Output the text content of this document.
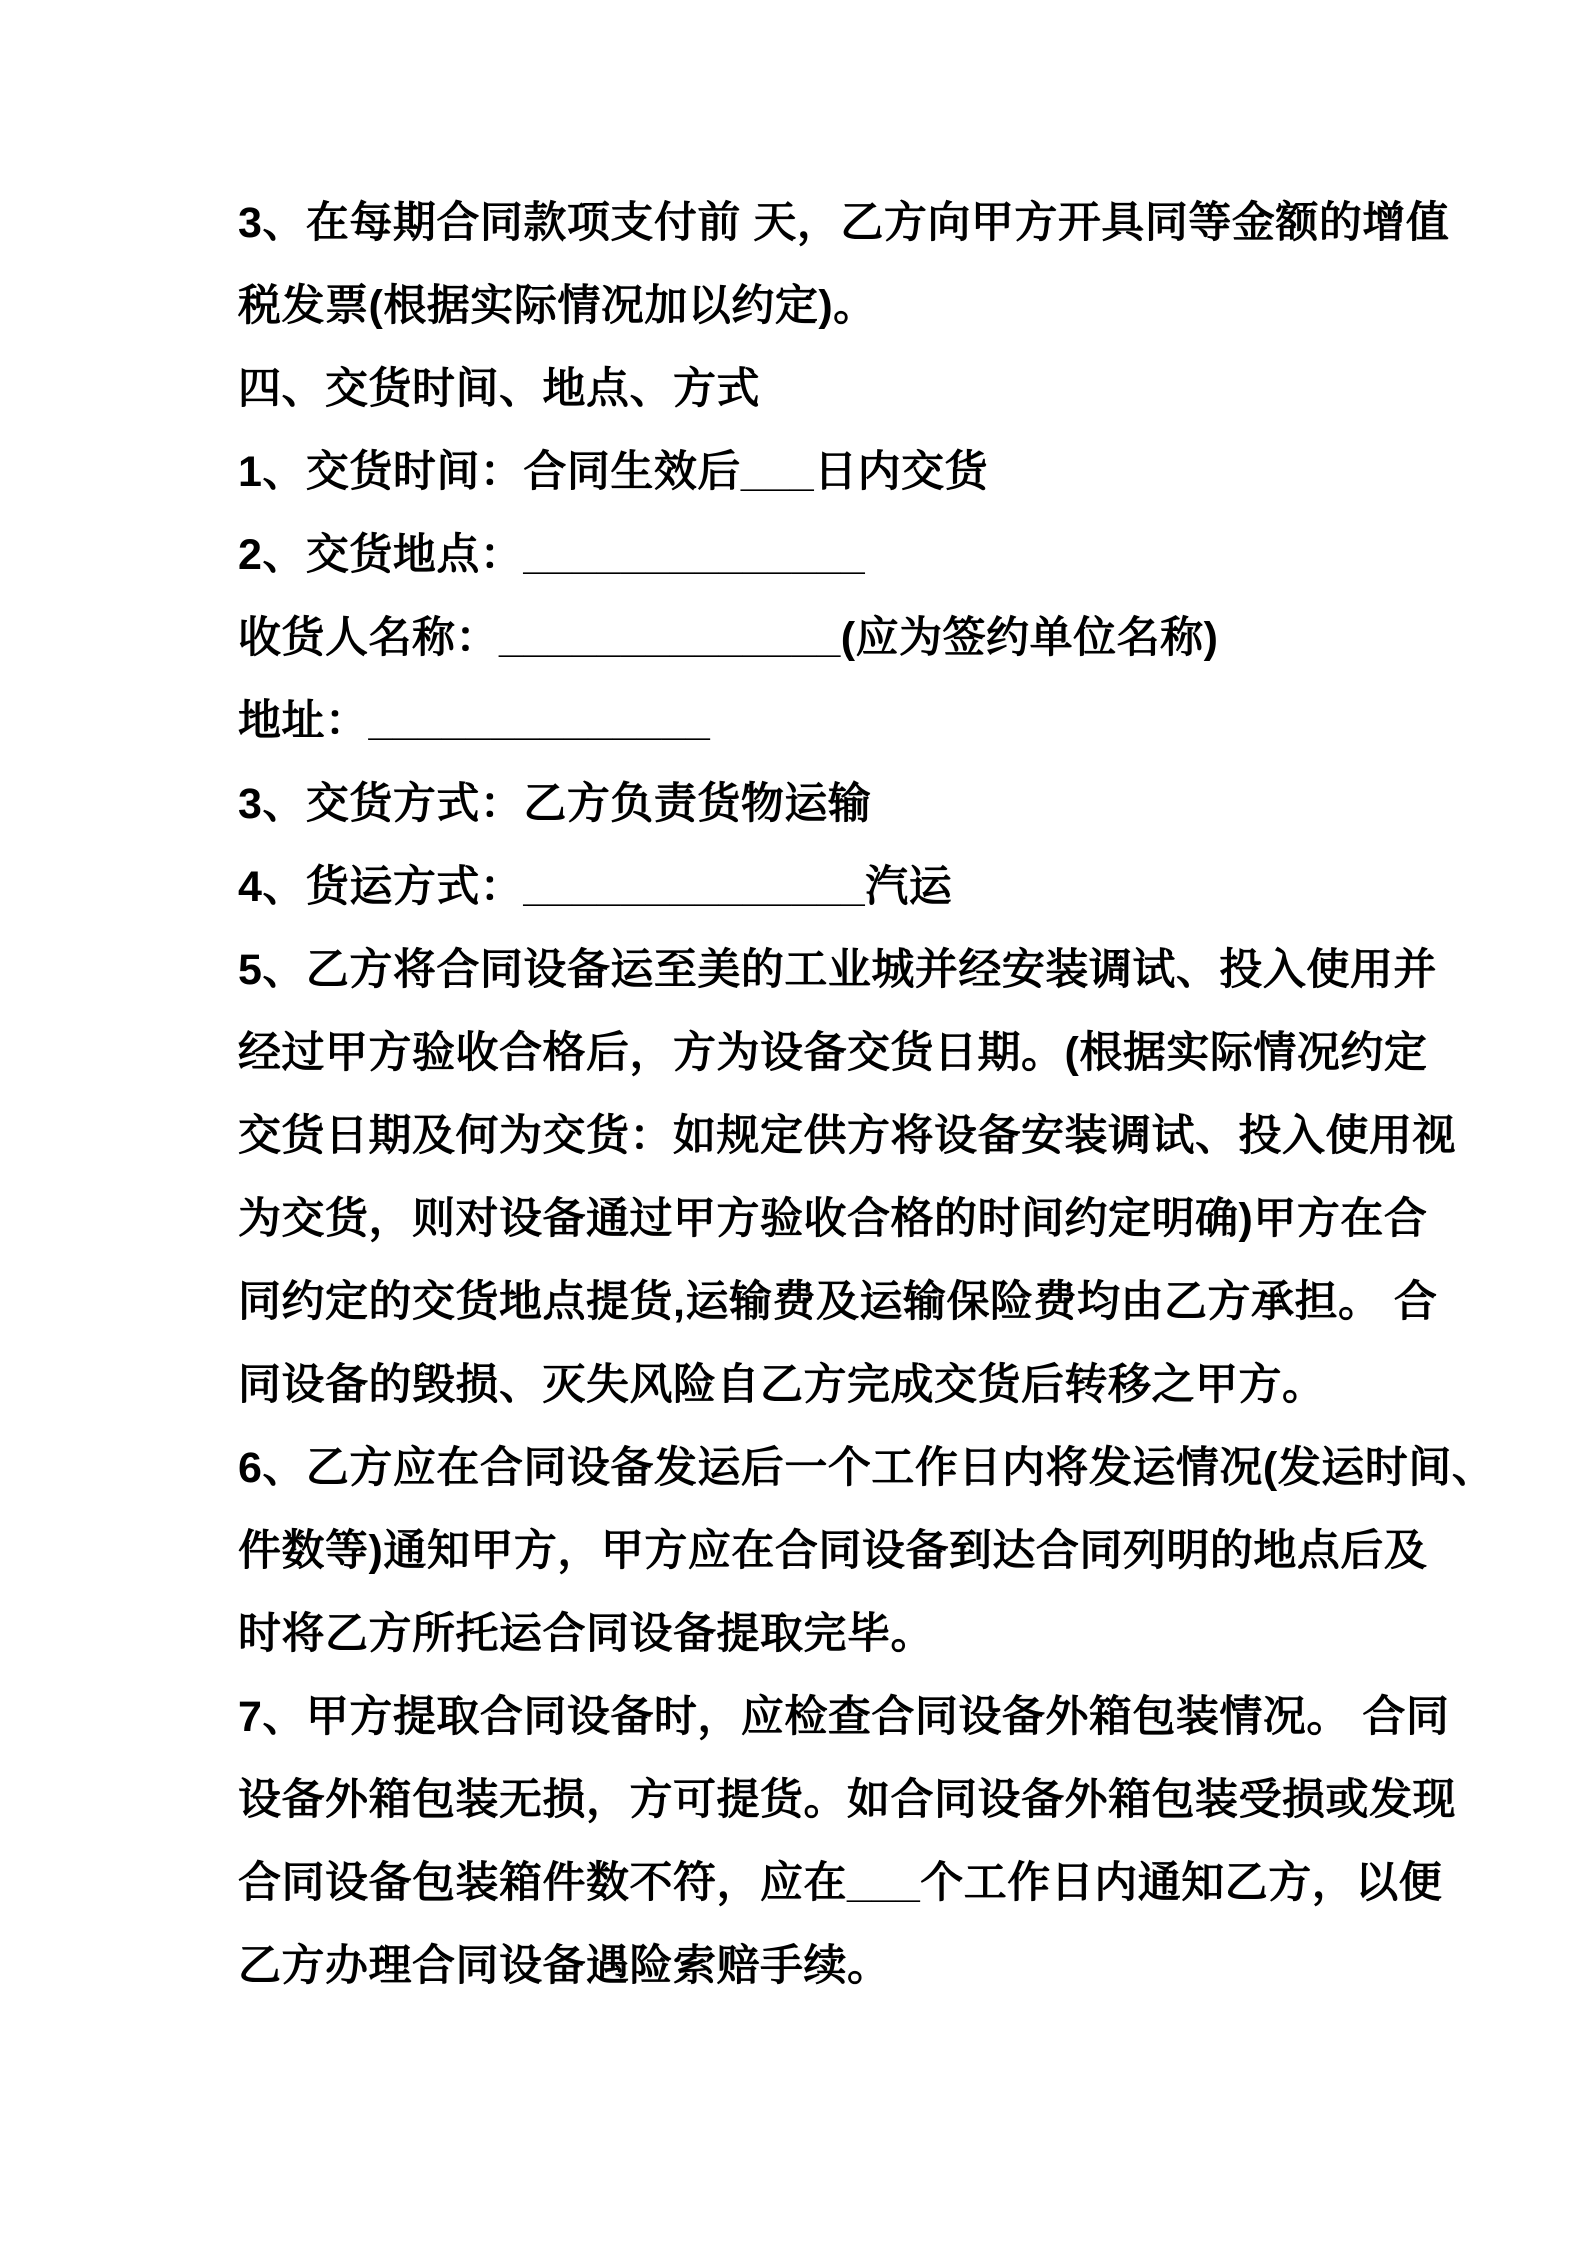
3、在每期合同款项支付前 天，乙方向甲方开具同等金额的增值
税发票(根据实际情况加以约定)。
四、交货时间、地点、方式
1、交货时间：合同生效后___日内交货
2、交货地点：______________
收货人名称：______________(应为签约单位名称)
地址：______________
3、交货方式：乙方负责货物运输
4、货运方式：______________汽运
5、乙方将合同设备运至美的工业城并经安装调试、投入使用并
经过甲方验收合格后，方为设备交货日期。(根据实际情况约定
交货日期及何为交货：如规定供方将设备安装调试、投入使用视
为交货，则对设备通过甲方验收合格的时间约定明确)甲方在合
同约定的交货地点提货,运输费及运输保险费均由乙方承担。 合
同设备的毁损、灭失风险自乙方完成交货后转移之甲方。
6、乙方应在合同设备发运后一个工作日内将发运情况(发运时间、
件数等)通知甲方，甲方应在合同设备到达合同列明的地点后及
时将乙方所托运合同设备提取完毕。
7、甲方提取合同设备时，应检查合同设备外箱包装情况。 合同
设备外箱包装无损，方可提货。如合同设备外箱包装受损或发现
合同设备包装箱件数不符，应在___个工作日内通知乙方，以便
乙方办理合同设备遇险索赔手续。
